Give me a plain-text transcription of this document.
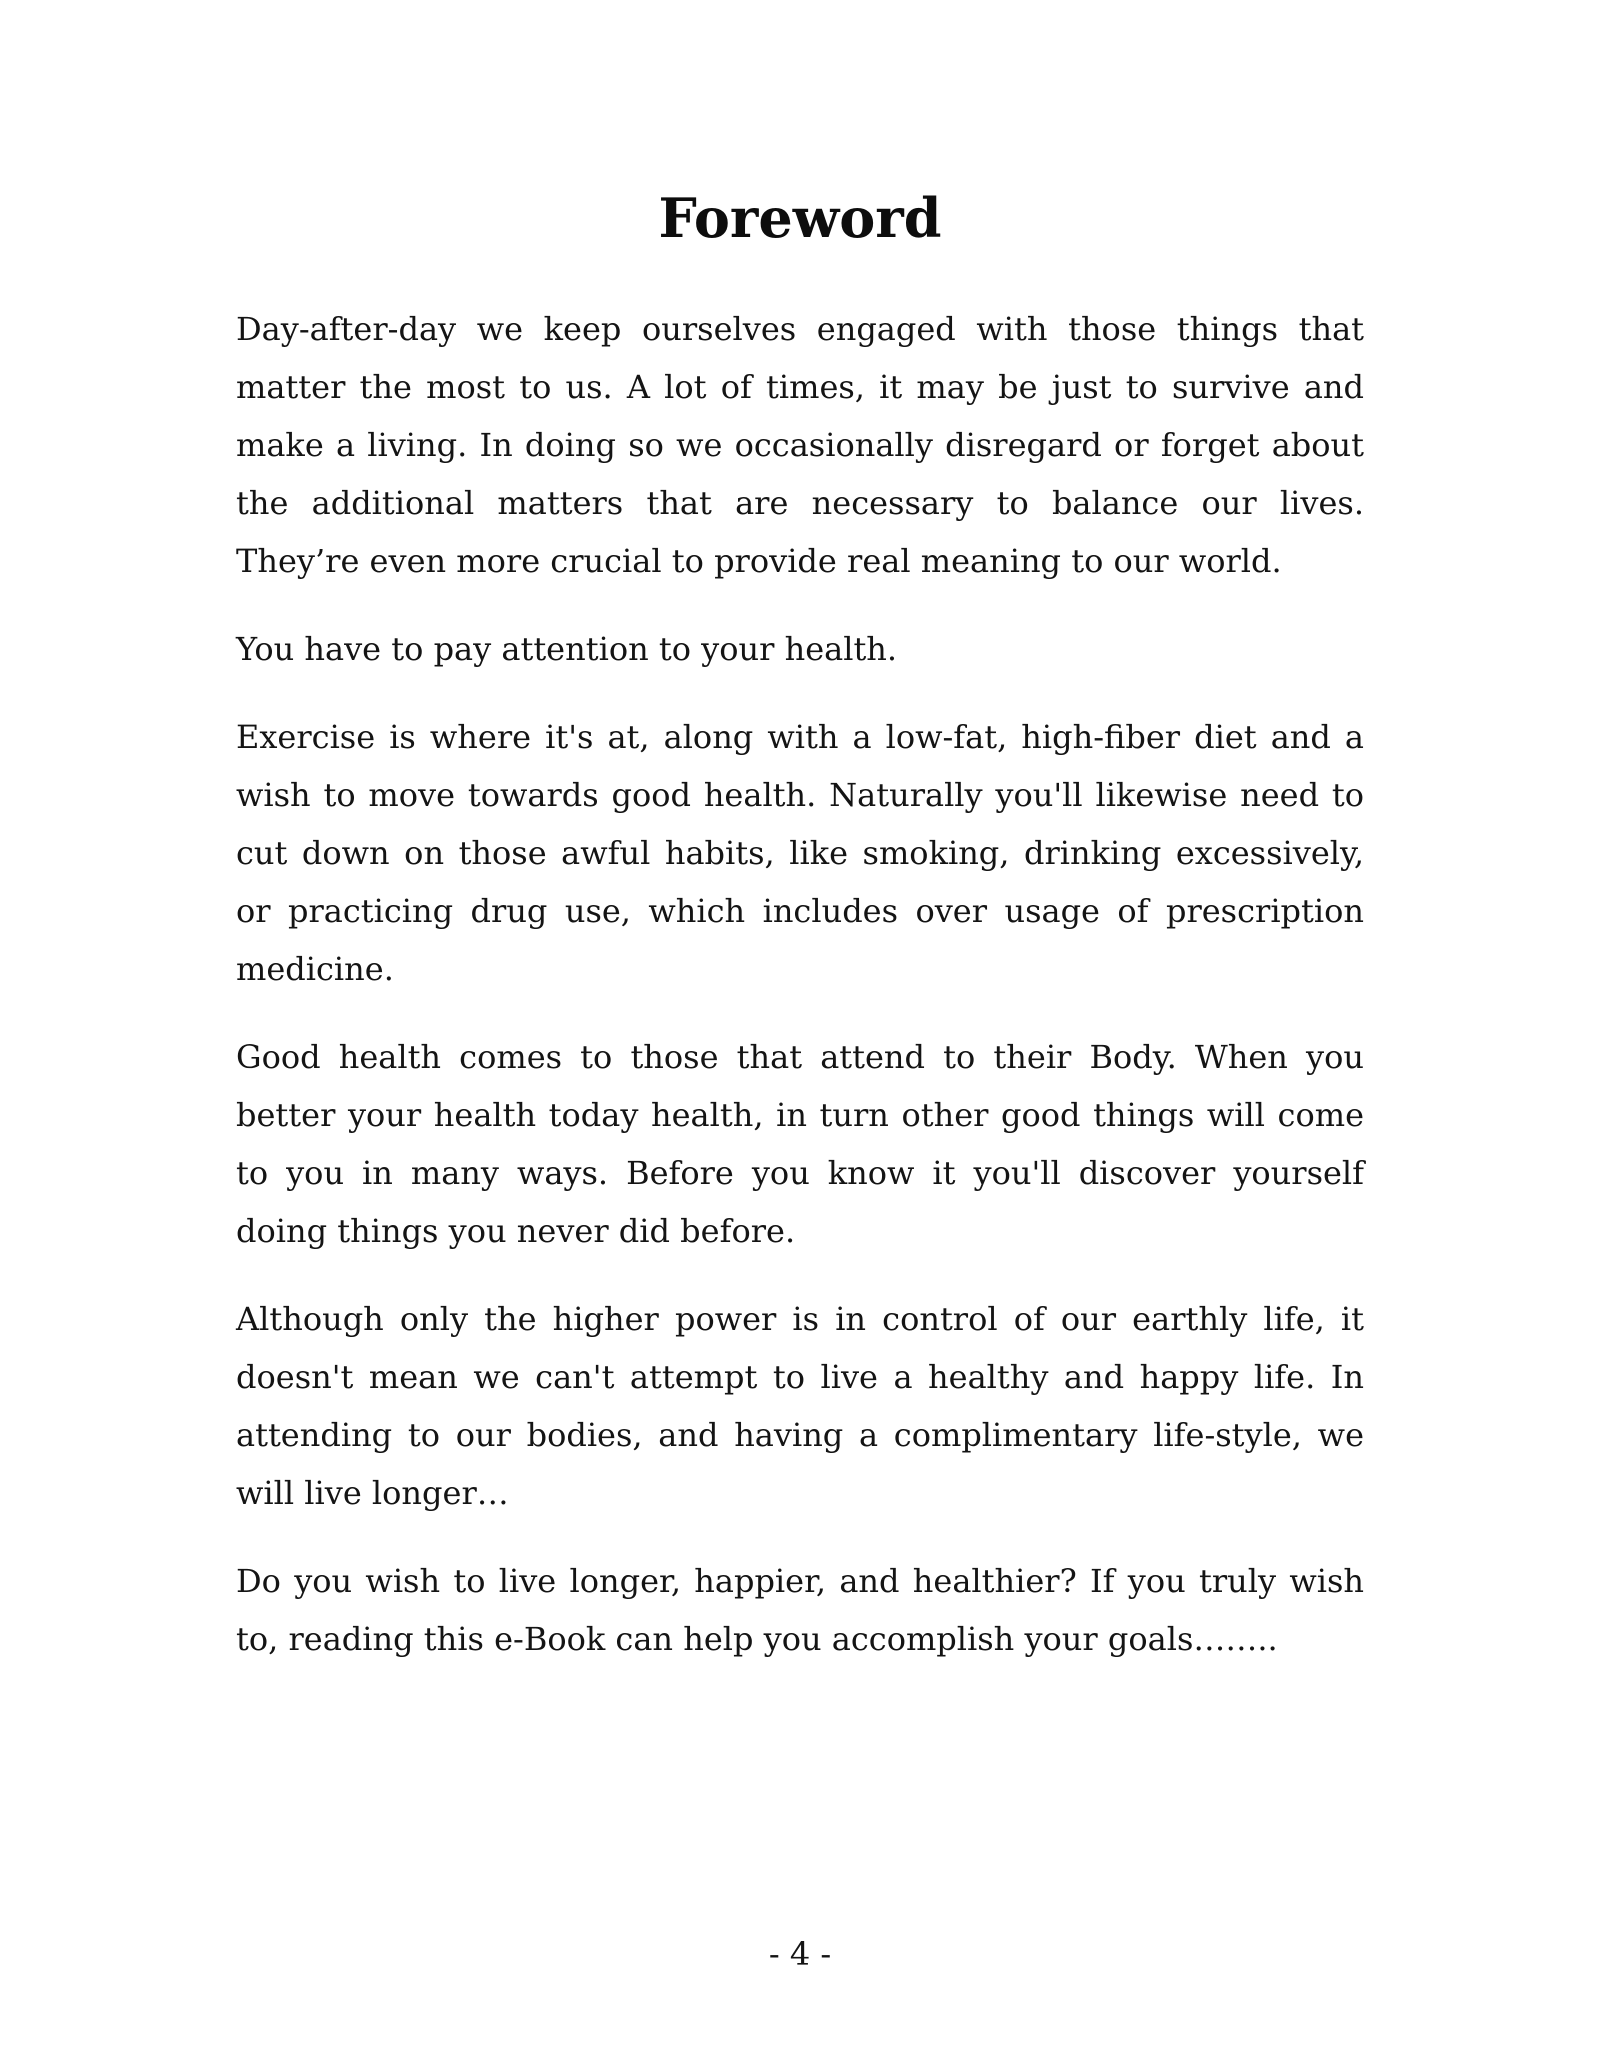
Foreword

Day-after-day we keep ourselves engaged with those things that matter the most to us. A lot of times, it may be just to survive and make a living. In doing so we occasionally disregard or forget about the additional matters that are necessary to balance our lives. They’re even more crucial to provide real meaning to our world.

You have to pay attention to your health.

Exercise is where it's at, along with a low-fat, high-fiber diet and a wish to move towards good health. Naturally you'll likewise need to cut down on those awful habits, like smoking, drinking excessively, or practicing drug use, which includes over usage of prescription medicine.

Good health comes to those that attend to their Body. When you better your health today health, in turn other good things will come to you in many ways. Before you know it you'll discover yourself doing things you never did before.

Although only the higher power is in control of our earthly life, it doesn't mean we can't attempt to live a healthy and happy life. In attending to our bodies, and having a complimentary life-style, we will live longer…

Do you wish to live longer, happier, and healthier? If you truly wish to, reading this e-Book can help you accomplish your goals……..

- 4 -
